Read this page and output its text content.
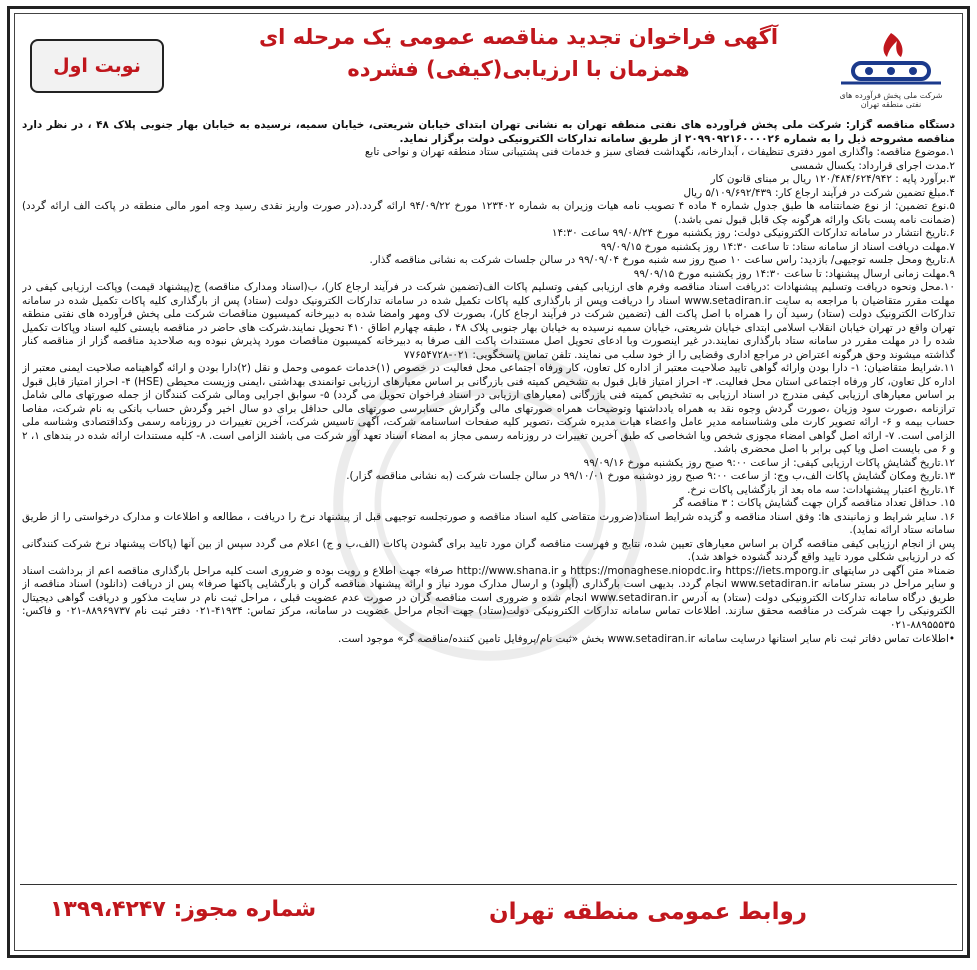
آگهی فراخوان تجدید مناقصه عمومی یک مرحله ای همزمان با ارزیابی(کیفی) فشرده
نوبت اول
شرکت ملی پخش فرآورده های نفتی منطقه تهران

دستگاه مناقصه گزار: شرکت ملی پخش فرآورده های نفتی منطقه تهران به نشانی تهران ابتدای خیابان شریعتی، خیابان سمیه، نرسیده به خیابان بهار جنوبی پلاک ۴۸ ، در نظر دارد مناقصه مشروحه ذیل را به شماره ۲۰۹۹۰۹۲۱۶۰۰۰۰۲۶ از طریق سامانه تدارکات الکترونیکی دولت برگزار نماید.

۱.موضوع مناقصه: واگذاری امور دفتری تنظیفات ، آبدارخانه، نگهداشت فضای سبز و خدمات فنی پشتیبانی ستاد منطقه تهران و نواحی تابع

۲.مدت اجرای قرارداد: یکسال شمسی

۳.برآورد پایه : ۱۲۰/۴۸۴/۶۲۴/۹۴۲ ریال بر مبنای قانون کار

۴.مبلغ تضمین شرکت در فرآیند ارجاع کار: ۵/۱۰۹/۶۹۲/۴۳۹ ریال

۵.نوع تضمین: از نوع ضمانتنامه ها طبق جدول شماره ۴ ماده ۴ تصویب نامه هیات وزیران به شماره ۱۲۳۴۰۲ مورخ ۹۴/۰۹/۲۲ ارائه گردد.(در صورت واریز نقدی رسید وجه امور مالی منطقه در پاکت الف ارائه گردد)(ضمانت نامه پست بانک وارائه هرگونه چک قابل قبول نمی باشد.)

۶.تاریخ انتشار در سامانه تدارکات الکترونیکی دولت: روز یکشنبه مورخ ۹۹/۰۸/۲۴ ساعت ۱۴:۳۰

۷.مهلت دریافت اسناد از سامانه ستاد: تا ساعت ۱۴:۳۰ روز یکشنبه مورخ ۹۹/۰۹/۱۵

۸.تاریخ ومحل جلسه توجیهی/ بازدید: راس ساعت ۱۰ صبح روز سه شنبه مورخ ۹۹/۰۹/۰۴ در سالن جلسات شرکت به نشانی مناقصه گذار.

۹.مهلت زمانی ارسال پیشنهاد: تا ساعت ۱۴:۳۰ روز یکشنبه مورخ ۹۹/۰۹/۱۵

۱۰.محل ونحوه دریافت وتسلیم پیشنهادات :دریافت اسناد مناقصه وفرم های ارزیابی کیفی وتسلیم پاکات الف(تضمین شرکت در فرآیند ارجاع کار)، ب(اسناد ومدارک مناقصه) ج(پیشنهاد قیمت) وپاکت ارزیابی کیفی در مهلت مقرر متقاضیان با مراجعه به سایت www.setadiran.ir اسناد را دریافت وپس از بارگذاری کلیه پاکات تکمیل شده در سامانه تدارکات الکترونیک دولت (ستاد) پس از بارگذاری کلیه پاکات تکمیل شده در سامانه تدارکات الکترونیک دولت (ستاد) رسید آن را همراه با اصل پاکت الف (تضمین شرکت در فرآیند ارجاع کار)، بصورت لاک ومهر وامضا شده به دبیرخانه کمیسیون مناقصات شرکت ملی پخش فرآورده های نفتی منطقه تهران واقع در تهران خیابان انقلاب اسلامی ابتدای خیابان شریعتی، خیابان سمیه نرسیده به خیابان بهار جنوبی پلاک ۴۸ ، طبقه چهارم اطاق ۴۱۰ تحویل نمایند.شرکت های حاضر در مناقصه بایستی کلیه اسناد وپاکات تکمیل شده را در مهلت مقرر در سامانه ستاد بارگذاری نمایند.در غیر اینصورت وبا ادعای تحویل اصل مستندات پاکت الف صرفا به دبیرخانه کمیسیون مناقصات مورد پذیرش نبوده وبه صلاحدید مناقصه گزار از مناقصه کنار گذاشته میشوند وحق هرگونه اعتراض در مراجع اداری وقضایی را از خود سلب می نمایند. تلفن تماس پاسخگویی: ۰۲۱-۷۷۶۵۴۷۲۸

۱۱.شرایط متقاضیان: ۱- دارا بودن وارائه گواهی تایید صلاحیت معتبر از اداره کل تعاون، کار ورفاه اجتماعی محل فعالیت در خصوص (۱)خدمات عمومی وحمل و نقل (۲)دارا بودن و ارائه گواهینامه صلاحیت ایمنی معتبر از اداره کل تعاون، کار ورفاه اجتماعی استان محل فعالیت. ۳- احراز امتیاز قابل قبول به تشخیص کمیته فنی بازرگانی بر اساس معیارهای ارزیابی توانمندی بهداشتی ،ایمنی وزیست محیطی (HSE) ۴- احراز امتیاز قابل قبول بر اساس معیارهای ارزیابی کیفی مندرج در اسناد ارزیابی به تشخیص کمیته فنی بازرگانی (معیارهای ارزیابی در اسناد فراخوان تحویل می گردد) ۵- سوابق اجرایی ومالی شرکت کنندگان از جمله صورتهای مالی شامل ترازنامه ،صورت سود وزیان ،صورت گردش وجوه نقد به همراه یادداشتها وتوضیحات همراه صورتهای مالی وگزارش حسابرسی صورتهای مالی حداقل برای دو سال اخیر وگردش حساب بانکی به نام شرکت، مفاصا حساب بیمه و ۶- ارائه تصویر کارت ملی وشناسنامه مدیر عامل واعضاء هیات مدیره شرکت ،تصویر کلیه صفحات اساسنامه شرکت، آگهی تاسیس شرکت، آخرین تغییرات در روزنامه رسمی وکداقتصادی وشناسه ملی الزامی است. ۷- ارائه اصل گواهی امضاء مجوزی شخص ویا اشخاصی که طبق آخرین تغییرات در روزنامه رسمی مجاز به امضاء اسناد تعهد آور شرکت می باشند الزامی است. ۸- کلیه مستندات ارائه شده در بندهای ۱، ۲ و ۶ می بایست اصل ویا کپی برابر با اصل محضری باشد.

۱۲.تاریخ گشایش پاکات ارزیابی کیفی: از ساعت ۹:۰۰ صبح روز یکشنبه مورخ ۹۹/۰۹/۱۶

۱۳.تاریخ ومکان گشایش پاکات الف،ب وج: از ساعت ۹:۰۰ صبح روز دوشنبه مورخ ۹۹/۱۰/۰۱ در سالن جلسات شرکت (به نشانی مناقصه گزار).

۱۴.تاریخ اعتبار پیشنهادات: سه ماه بعد از بازگشایی پاکات نرخ.

۱۵. حداقل تعداد مناقصه گران جهت گشایش پاکات : ۳ مناقصه گر

۱۶. سایر شرایط و زمانبندی ها: وفق اسناد مناقصه و گزیده شرایط اسناد(ضرورت متقاضی کلیه اسناد مناقصه و صورتجلسه توجیهی قبل از پیشنهاد نرخ را دریافت ، مطالعه و اطلاعات و مدارک درخواستی را از طریق سامانه ستاد ارائه نماید).

پس از انجام ارزیابی کیفی مناقصه گران بر اساس معیارهای تعیین شده، نتایج و فهرست مناقصه گران مورد تایید برای گشودن پاکات (الف،ب و ج) اعلام می گردد سپس از بین آنها (پاکات پیشنهاد نرخ شرکت کنندگانی که در ارزیابی شکلی مورد تایید واقع گردند گشوده خواهد شد).

ضمنا« متن آگهی در سایتهای https://iets.mporg.ir وhttps://monaghese.niopdc.ir و http://www.shana.ir صرفا» جهت اطلاع و رویت بوده و ضروری است کلیه مراحل بارگذاری مناقصه اعم از برداشت اسناد و سایر مراحل در بستر سامانه www.setadiran.ir انجام گردد. بدیهی است بارگذاری (آپلود) و ارسال مدارک مورد نیاز و ارائه پیشنهاد مناقصه گران و بارگشایی پاکتها صرفا» پس از دریافت (دانلود) اسناد مناقصه از طریق درگاه سامانه تدارکات الکترونیکی دولت (ستاد) به آدرس www.setadiran.ir انجام شده و ضروری است مناقصه گران در صورت عدم عضویت قبلی ، مراحل ثبت نام در سایت مذکور و دریافت گواهی دیجیتال الکترونیکی را جهت شرکت در مناقصه محقق سازند. اطلاعات تماس سامانه تدارکات الکترونیکی دولت(ستاد) جهت انجام مراحل عضویت در سامانه، مرکز تماس: ۴۱۹۳۴-۰۲۱ دفتر ثبت نام ۸۸۹۶۹۷۳۷-۰۲۱ و فاکس: ۸۸۹۵۵۵۳۵-۰۲۱

•اطلاعات تماس دفاتر ثبت نام سایر استانها درسایت سامانه www.setadiran.ir بخش «ثبت نام/پروفایل تامین کننده/مناقصه گر» موجود است.

روابط عمومی منطقه تهران
شماره مجوز: ۱۳۹۹،۴۲۴۷
